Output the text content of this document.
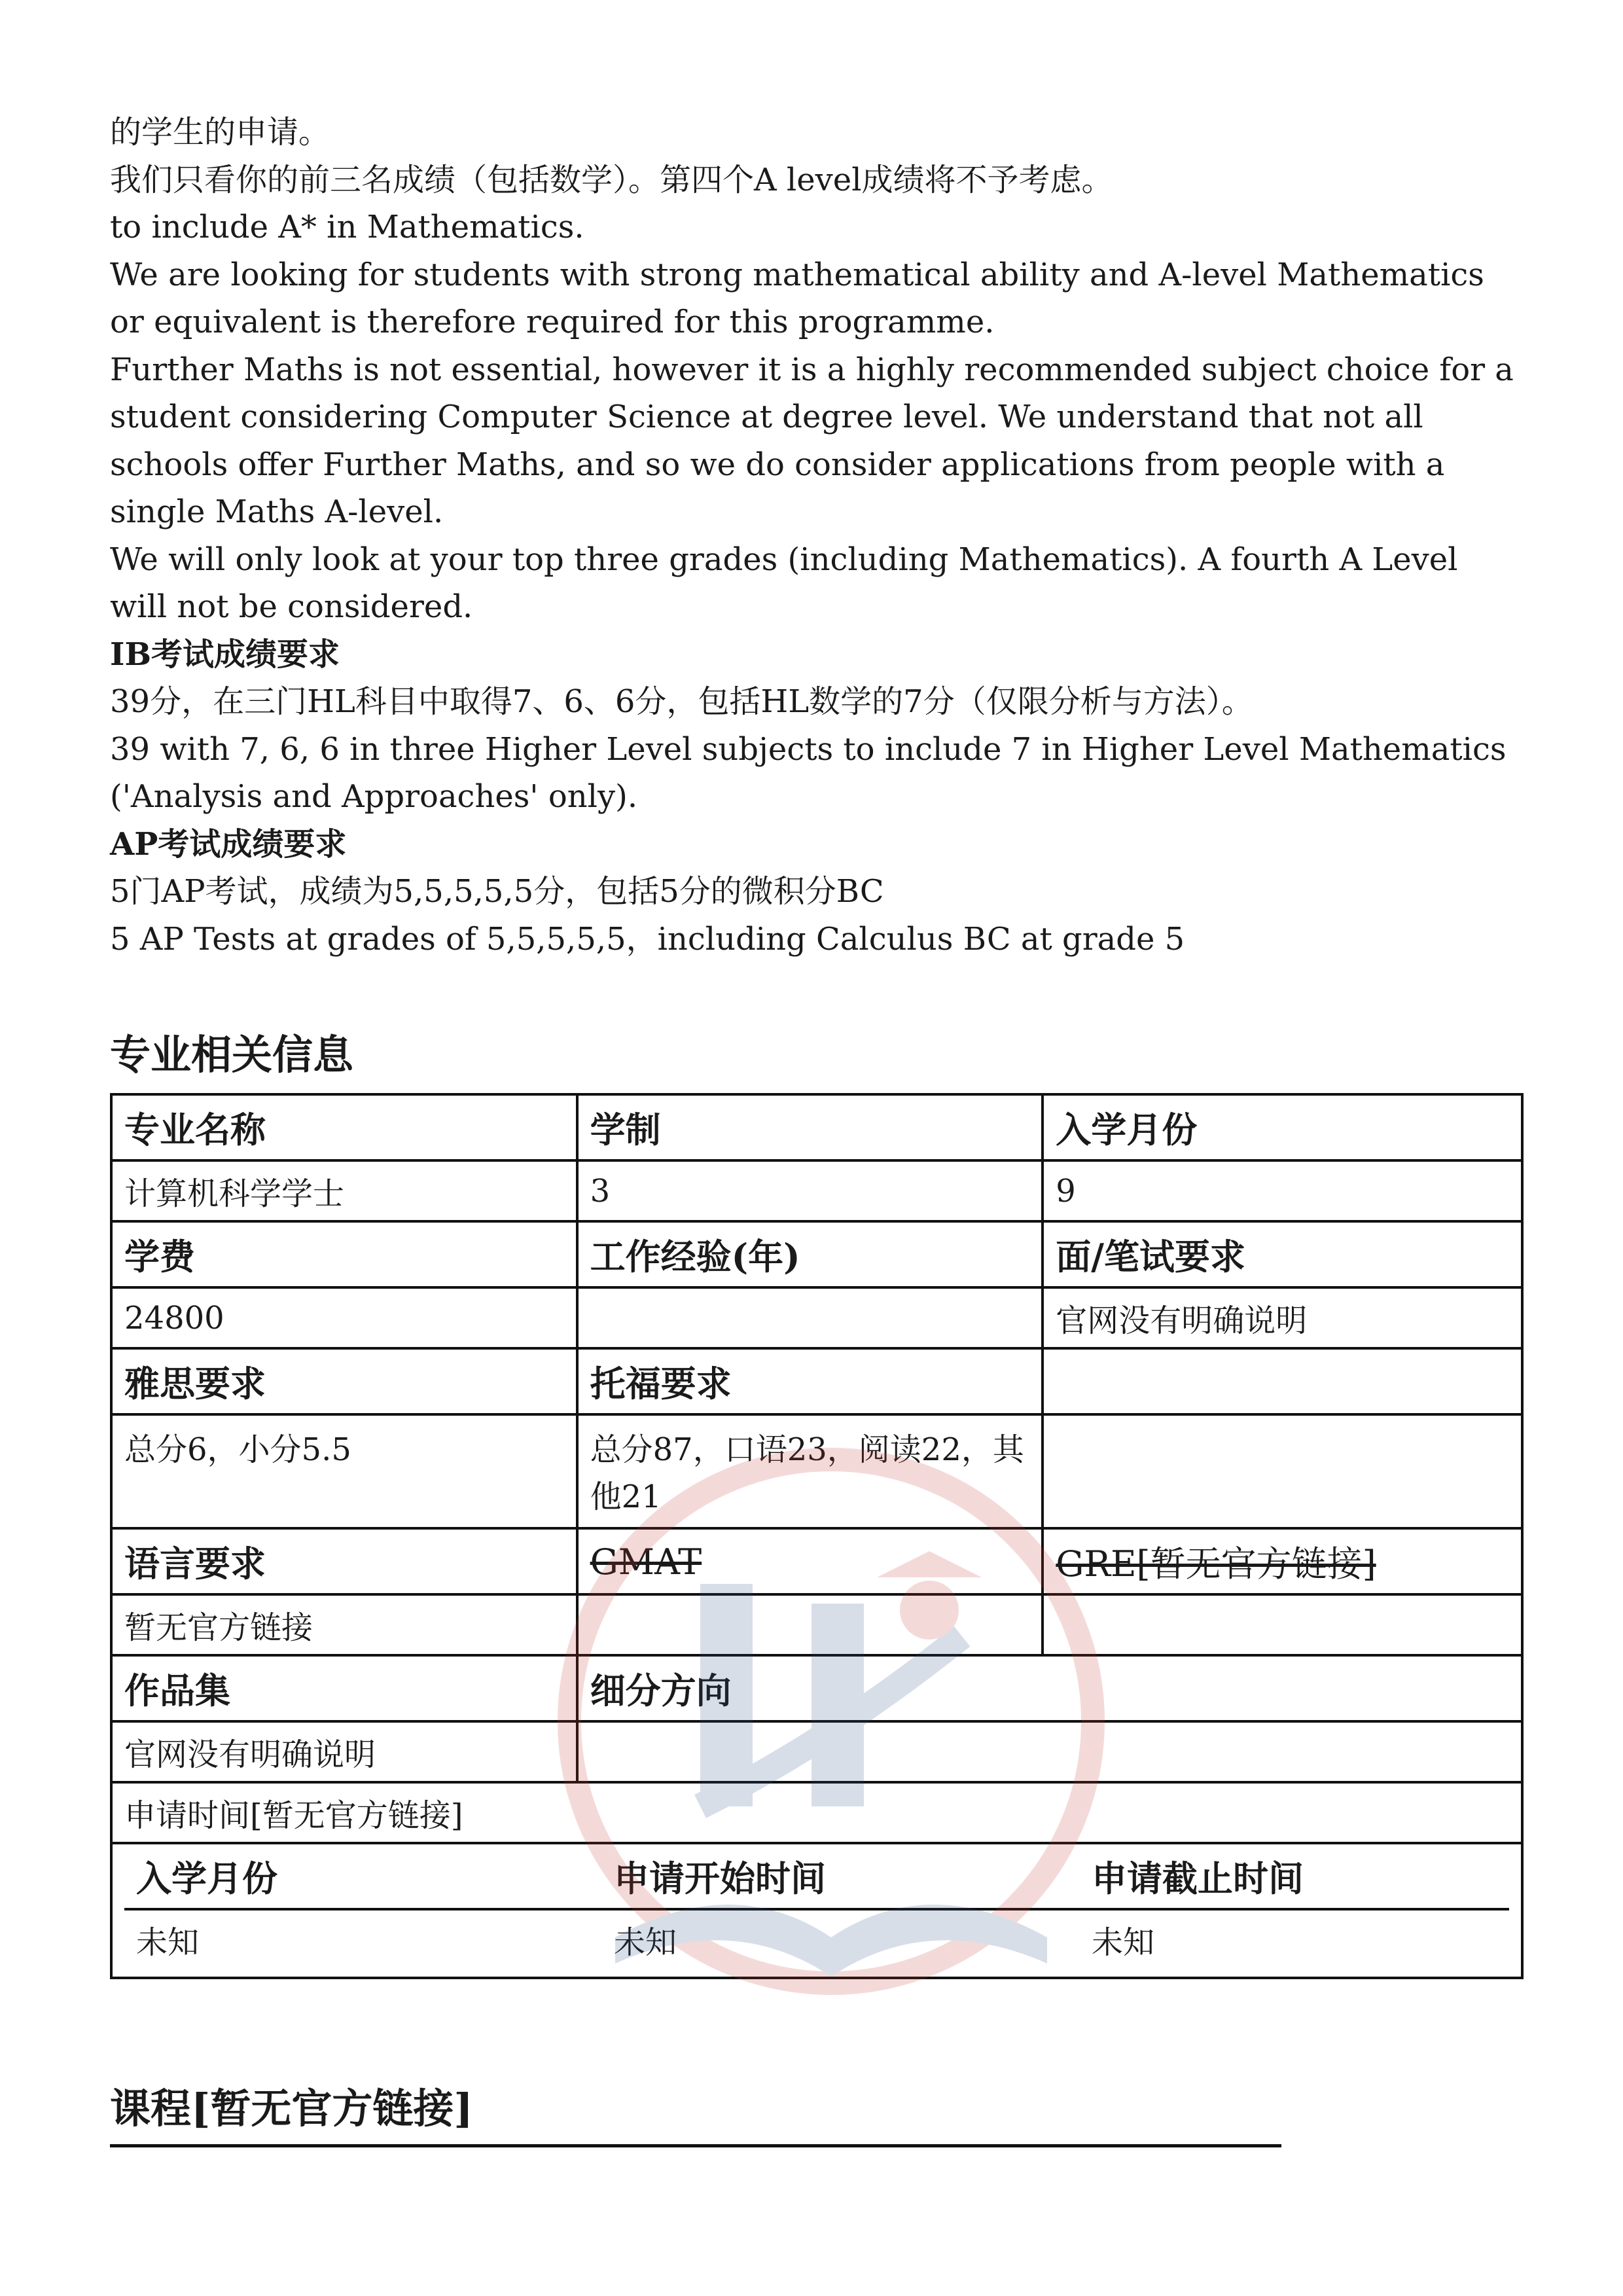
的学生的申请。

我们只看你的前三名成绩（包括数学）。第四个A level成绩将不予考虑。

to include A* in Mathematics.

We are looking for students with strong mathematical ability and A-level Mathematics or equivalent is therefore required for this programme.

Further Maths is not essential, however it is a highly recommended subject choice for a student considering Computer Science at degree level. We understand that not all schools offer Further Maths, and so we do consider applications from people with a single Maths A-level.

We will only look at your top three grades (including Mathematics). A fourth A Level will not be considered.

IB考试成绩要求

39分，在三门HL科目中取得7、6、6分，包括HL数学的7分（仅限分析与方法）。

39 with 7, 6, 6 in three Higher Level subjects to include 7 in Higher Level Mathematics ('Analysis and Approaches' only).

AP考试成绩要求

5门AP考试，成绩为5,5,5,5,5分，包括5分的微积分BC

5 AP Tests at grades of 5,5,5,5,5，including Calculus BC at grade 5

专业相关信息
专业名称	学制	入学月份
计算机科学学士	3	9
学费	工作经验(年)	面/笔试要求
24800		官网没有明确说明
雅思要求	托福要求	
总分6，小分5.5	总分87，口语23，阅读22，其他21	
语言要求	GMAT	GRE[暂无官方链接]
暂无官方链接		
作品集	细分方向
官网没有明确说明	
申请时间[暂无官方链接]

入学月份	申请开始时间	申请截止时间
未知	未知	未知
课程[暂无官方链接]
